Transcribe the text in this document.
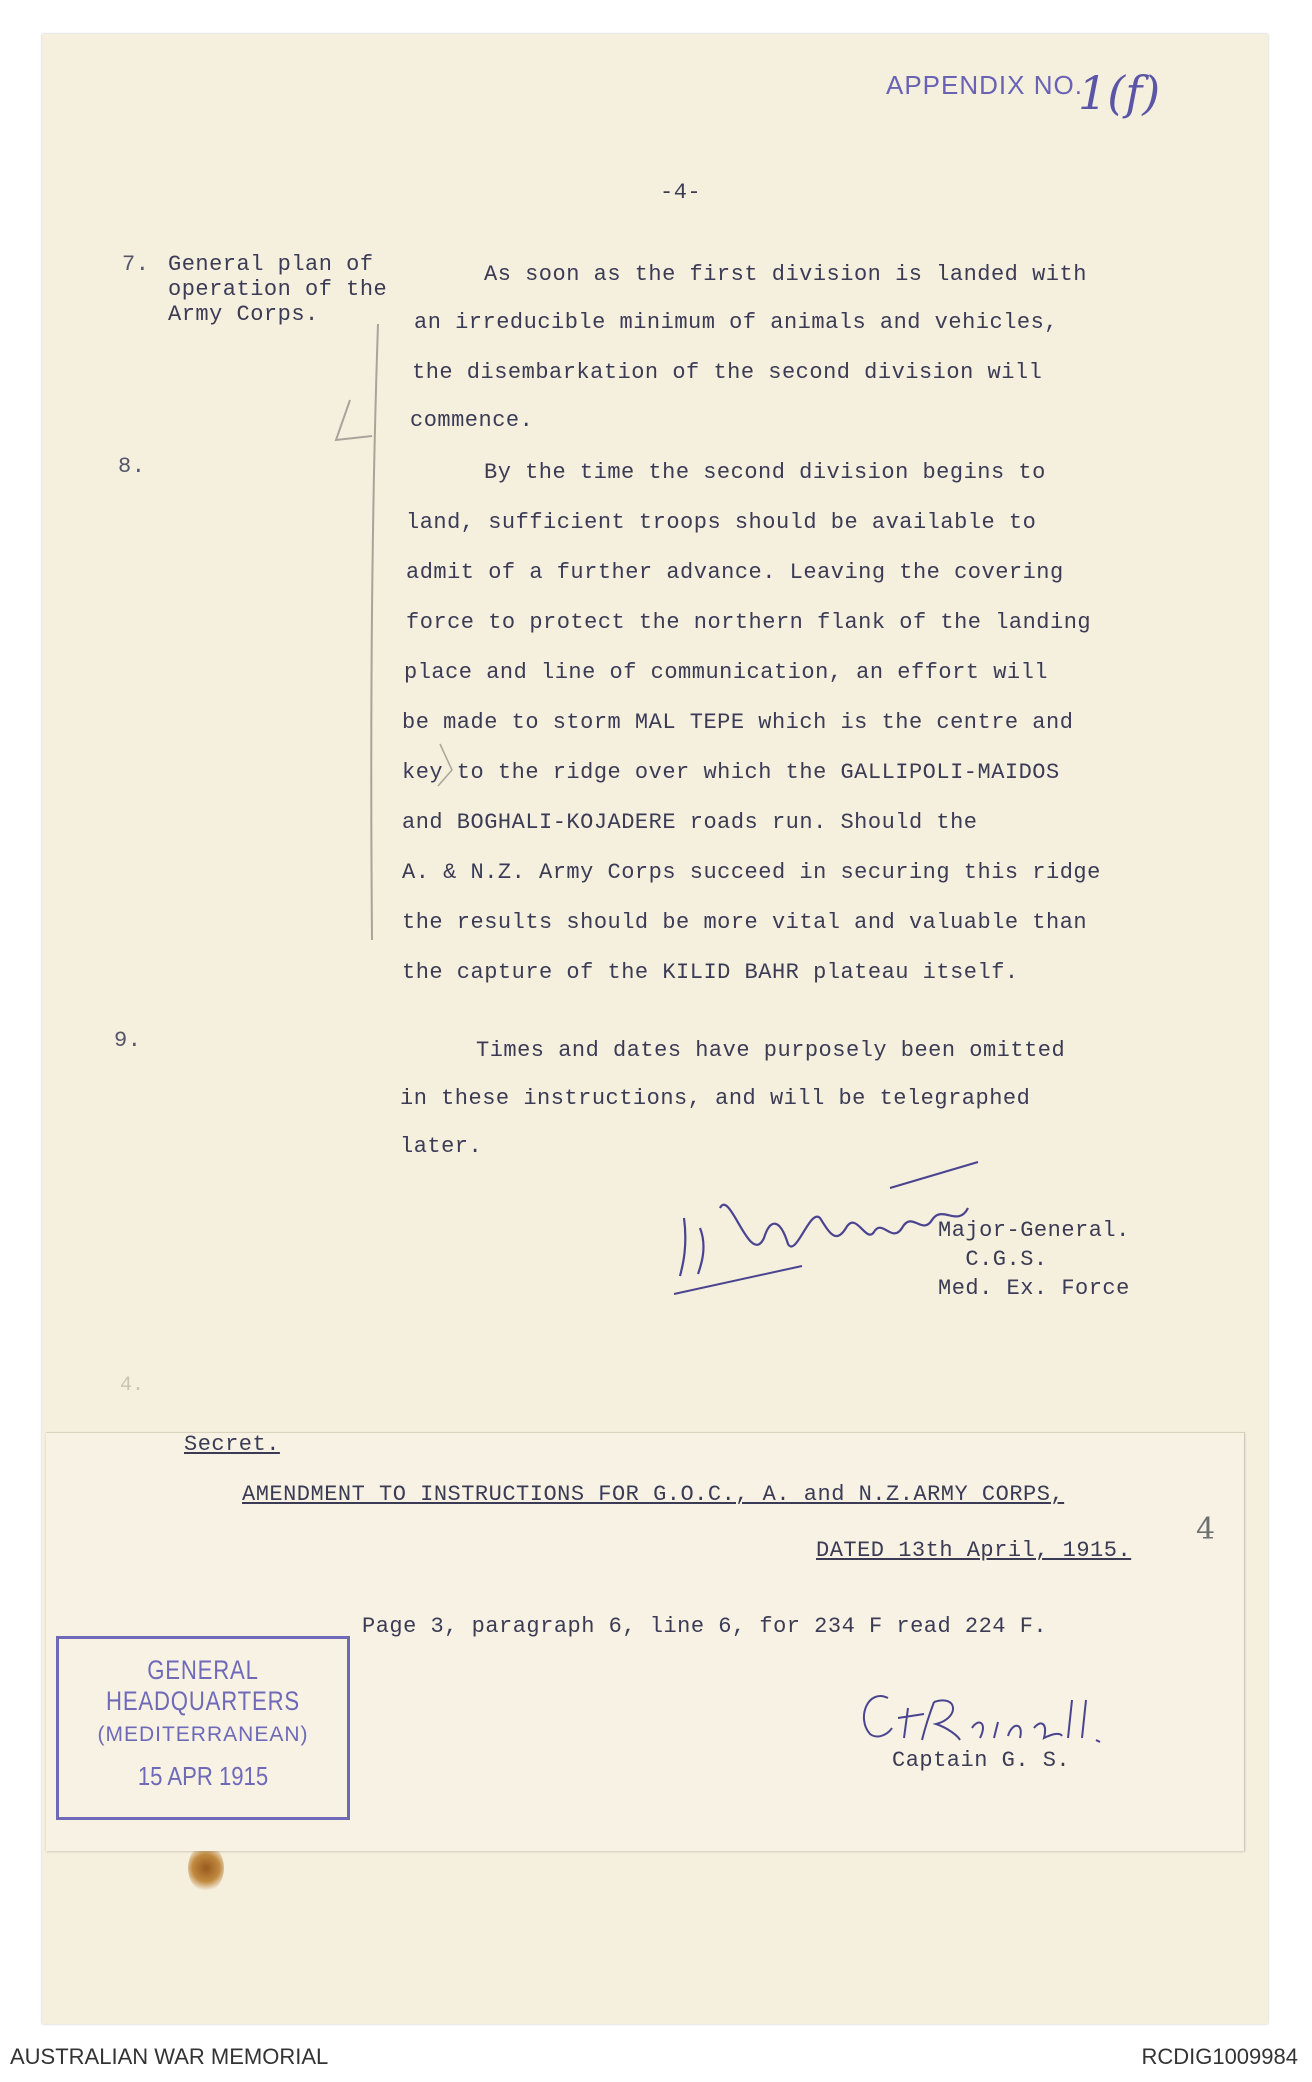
APPENDIX NO.
1(f)
-4-
7. General plan of
operation of the
Army Corps.
As soon as the first division is landed with
an irreducible minimum of animals and vehicles,
the disembarkation of the second division will
commence.
8.	By the time the second division begins to
land, sufficient troops should be available to
admit of a further advance. Leaving the covering
force to protect the northern flank of the landing
place and line of communication, an effort will
be made to storm MAL TEPE which is the centre and
key to the ridge over which the GALLIPOLI-MAIDOS
and BOGHALI-KOJADERE roads run. Should the
A. & N.Z. Army Corps succeed in securing this ridge
the results should be more vital and valuable than
the capture of the KILID BAHR plateau itself.
9.	Times and dates have purposely been omitted
in these instructions, and will be telegraphed
later.
Major-General.
C.G.S.
Med. Ex. Force
4.
Secret.
AMENDMENT TO INSTRUCTIONS FOR G.O.C., A. and N.Z.ARMY CORPS,
DATED 13th April, 1915.
Page 3, paragraph 6, line 6, for 234 F read 224 F.
4
Captain G. S.
GENERAL HEADQUARTERS
(MEDITERRANEAN)
15 APR 1915
AUSTRALIAN WAR MEMORIAL	RCDIG1009984
